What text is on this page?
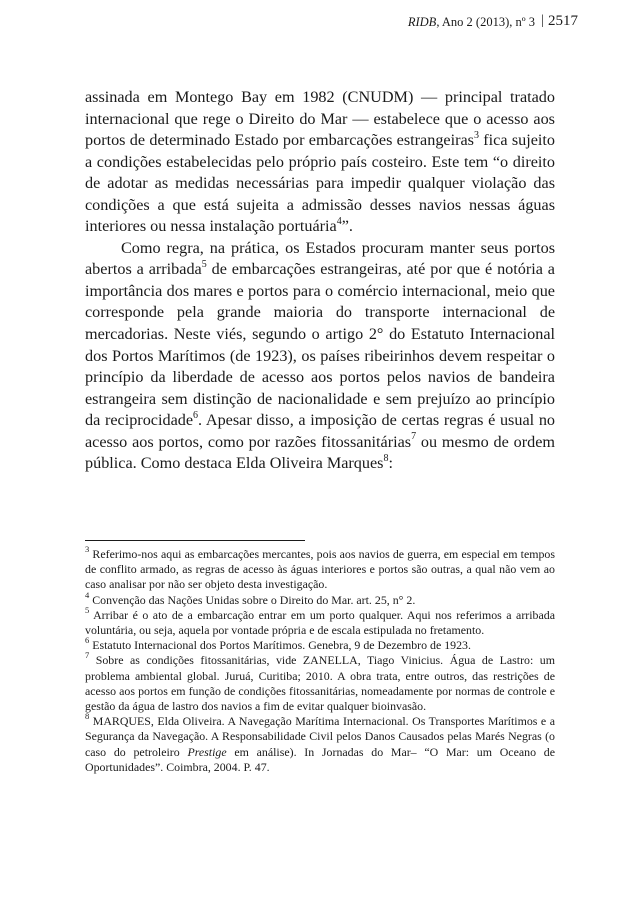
RIDB, Ano 2 (2013), nº 3 | 2517

assinada em Montego Bay em 1982 (CNUDM) ― principal tratado internacional que rege o Direito do Mar ― estabelece que o acesso aos portos de determinado Estado por embarcações estrangeiras$^3$ fica sujeito a condições estabelecidas pelo próprio país costeiro. Este tem “o direito de adotar as medidas necessárias para impedir qualquer violação das condições a que está sujeita a admissão desses navios nessas águas interiores ou nessa instalação portuária$^4$”.

Como regra, na prática, os Estados procuram manter seus portos abertos a arribada$^5$ de embarcações estrangeiras, até por que é notória a importância dos mares e portos para o comércio internacional, meio que corresponde pela grande maioria do transporte internacional de mercadorias. Neste viés, segundo o artigo 2° do Estatuto Internacional dos Portos Marítimos (de 1923), os países ribeirinhos devem respeitar o princípio da liberdade de acesso aos portos pelos navios de bandeira estrangeira sem distinção de nacionalidade e sem prejuízo ao princípio da reciprocidade$^6$. Apesar disso, a imposição de certas regras é usual no acesso aos portos, como por razões fitossanitárias$^7$ ou mesmo de ordem pública. Como destaca Elda Oliveira Marques$^8$:

$^3$ Referimo-nos aqui as embarcações mercantes, pois aos navios de guerra, em especial em tempos de conflito armado, as regras de acesso às águas interiores e portos são outras, a qual não vem ao caso analisar por não ser objeto desta investigação.

$^4$ Convenção das Nações Unidas sobre o Direito do Mar. art. 25, n° 2.

$^5$ Arribar é o ato de a embarcação entrar em um porto qualquer. Aqui nos referimos a arribada voluntária, ou seja, aquela por vontade própria e de escala estipulada no fretamento.

$^6$ Estatuto Internacional dos Portos Marítimos. Genebra, 9 de Dezembro de 1923.

$^7$ Sobre as condições fitossanitárias, vide ZANELLA, Tiago Vinicius. Água de Lastro: um problema ambiental global. Juruá, Curitiba; 2010. A obra trata, entre outros, das restrições de acesso aos portos em função de condições fitossanitárias, nomeadamente por normas de controle e gestão da água de lastro dos navios a fim de evitar qualquer bioinvasão.

$^8$ MARQUES, Elda Oliveira. A Navegação Marítima Internacional. Os Transportes Marítimos e a Segurança da Navegação. A Responsabilidade Civil pelos Danos Causados pelas Marés Negras (o caso do petroleiro Prestige em análise). In Jornadas do Mar– “O Mar: um Oceano de Oportunidades”. Coimbra, 2004. P. 47.
